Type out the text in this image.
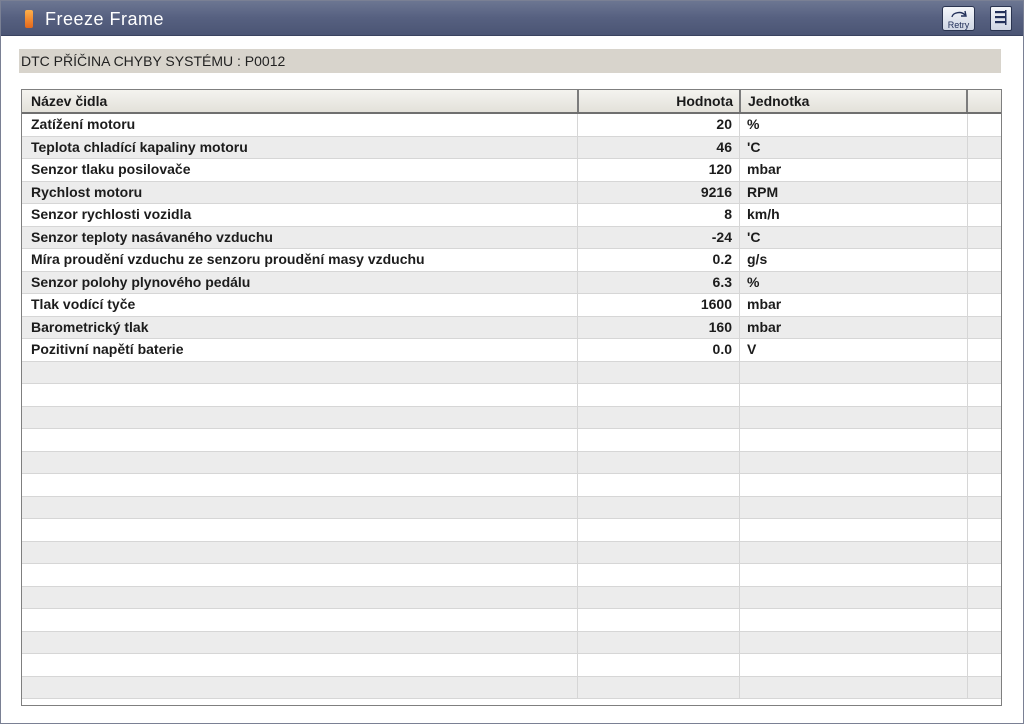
Freeze Frame	Retry
DTC PŘÍČINA CHYBY SYSTÉMU : P0012
Název čidla	Hodnota	Jednotka
Zatížení motoru	20	%
Teplota chladící kapaliny motoru	46	'C
Senzor tlaku posilovače	120	mbar
Rychlost motoru	9216	RPM
Senzor rychlosti vozidla	8	km/h
Senzor teploty nasávaného vzduchu	-24	'C
Míra proudění vzduchu ze senzoru proudění masy vzduchu	0.2	g/s
Senzor polohy plynového pedálu	6.3	%
Tlak vodící tyče	1600	mbar
Barometrický tlak	160	mbar
Pozitivní napětí baterie	0.0	V
